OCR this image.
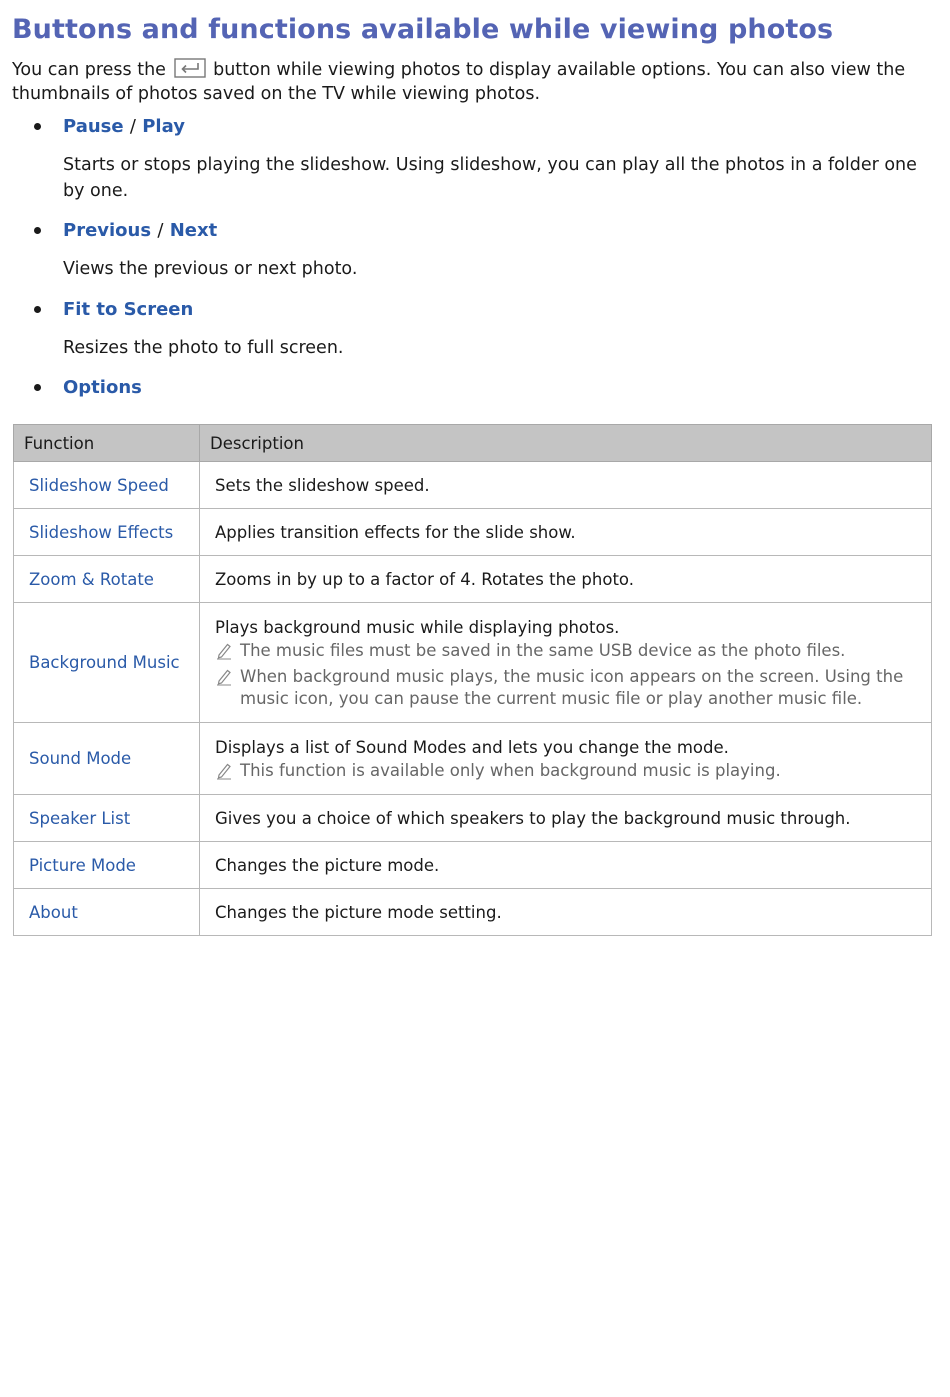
Buttons and functions available while viewing photos

You can press the	button while viewing photos to display available options. You can also view the thumbnails of photos saved on the TV while viewing photos.

Pause / Play

Starts or stops playing the slideshow. Using slideshow, you can play all the photos in a folder one by one.

Previous / Next

Views the previous or next photo.

Fit to Screen

Resizes the photo to full screen.

Options
Function	Description
Slideshow Speed	Sets the slideshow speed.
Slideshow Effects	Applies transition effects for the slide show.
Zoom & Rotate	Zooms in by up to a factor of 4. Rotates the photo.
Background Music	Plays background music while displaying photos.
The music files must be saved in the same USB device as the photo files.
When background music plays, the music icon appears on the screen. Using the music icon, you can pause the current music file or play another music file.

Sound Mode	Displays a list of Sound Modes and lets you change the mode.
This function is available only when background music is playing.

Speaker List	Gives you a choice of which speakers to play the background music through.
Picture Mode	Changes the picture mode.
About	Changes the picture mode setting.
